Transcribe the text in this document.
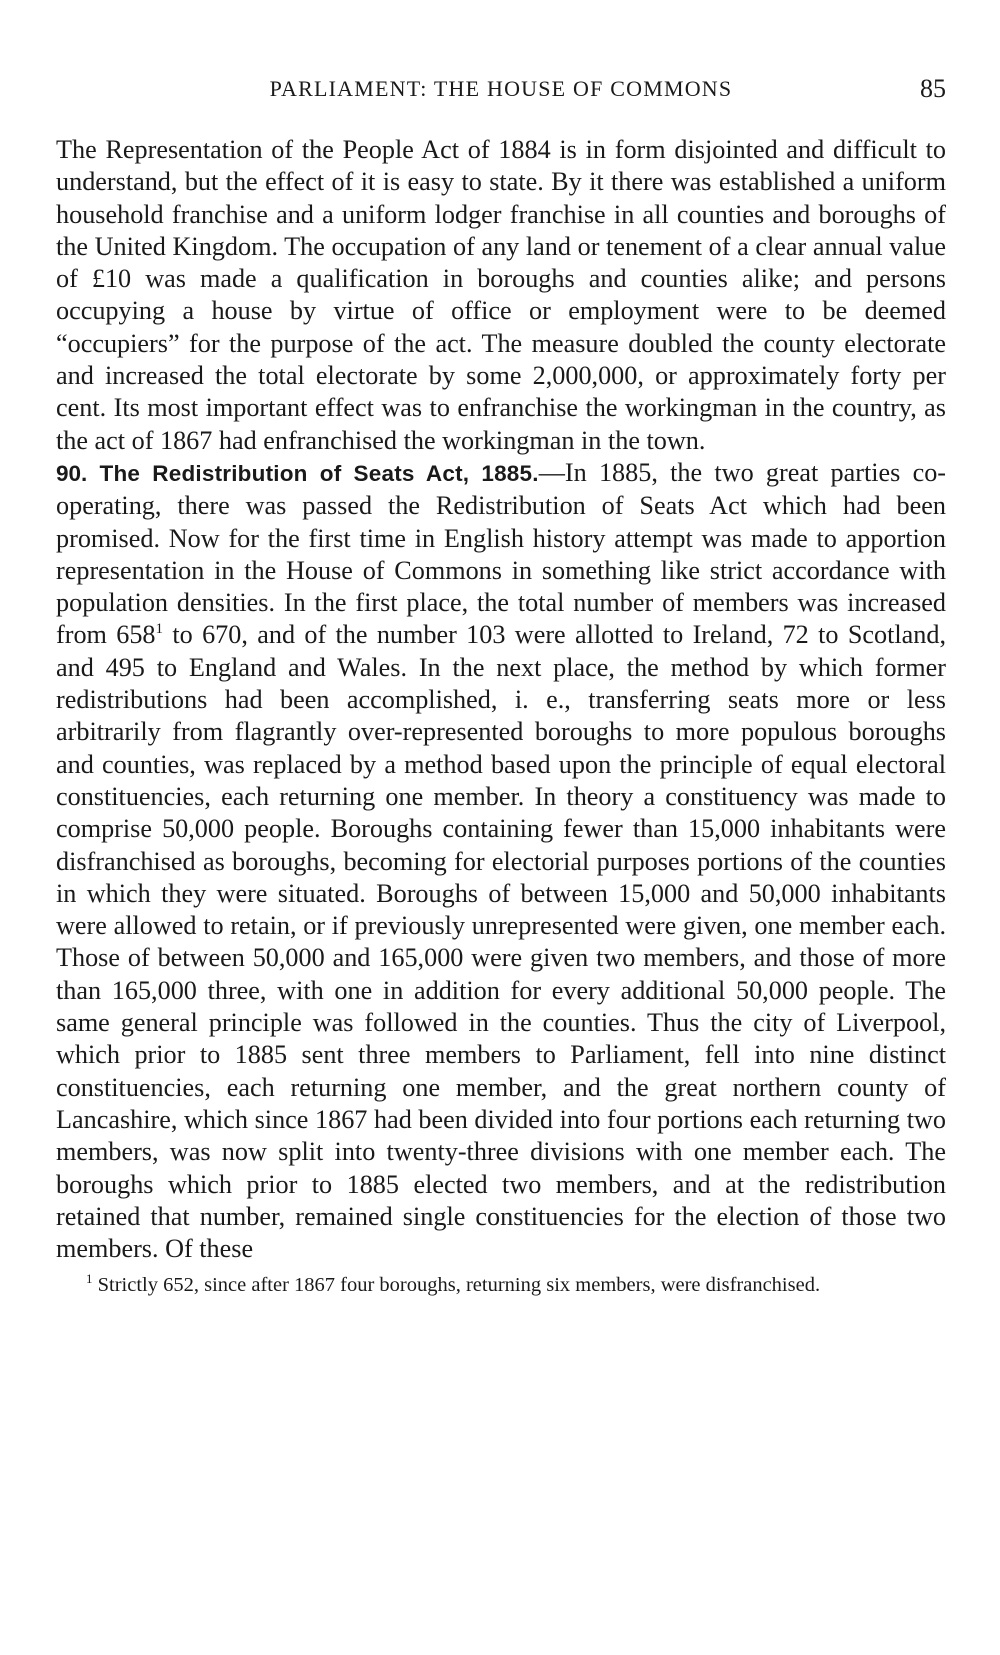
PARLIAMENT: THE HOUSE OF COMMONS	85

The Representation of the People Act of 1884 is in form disjointed and difficult to understand, but the effect of it is easy to state. By it there was established a uniform household franchise and a uniform lodger franchise in all counties and boroughs of the United Kingdom. The occupation of any land or tenement of a clear annual value of £10 was made a qualification in boroughs and counties alike; and persons occupying a house by virtue of office or employment were to be deemed “occupiers” for the purpose of the act. The measure doubled the county electorate and increased the total electorate by some 2,000,000, or approximately forty per cent. Its most important effect was to enfranchise the workingman in the country, as the act of 1867 had enfranchised the workingman in the town.

90. The Redistribution of Seats Act, 1885.—In 1885, the two great parties co-operating, there was passed the Redistribution of Seats Act which had been promised. Now for the first time in English history attempt was made to apportion representation in the House of Commons in something like strict accordance with population densities. In the first place, the total number of members was increased from 658$^1$ to 670, and of the number 103 were allotted to Ireland, 72 to Scotland, and 495 to England and Wales. In the next place, the method by which former redistributions had been accomplished, i. e., transferring seats more or less arbitrarily from flagrantly over-represented boroughs to more populous boroughs and counties, was replaced by a method based upon the principle of equal electoral constituencies, each returning one member. In theory a constituency was made to comprise 50,000 people. Boroughs containing fewer than 15,000 inhabitants were disfranchised as boroughs, becoming for electorial purposes portions of the counties in which they were situated. Boroughs of between 15,000 and 50,000 inhabitants were allowed to retain, or if previously unrepresented were given, one member each. Those of between 50,000 and 165,000 were given two members, and those of more than 165,000 three, with one in addition for every additional 50,000 people. The same general principle was followed in the counties. Thus the city of Liverpool, which prior to 1885 sent three members to Parliament, fell into nine distinct constituencies, each returning one member, and the great northern county of Lancashire, which since 1867 had been divided into four portions each returning two members, was now split into twenty-three divisions with one member each. The boroughs which prior to 1885 elected two members, and at the redistribution retained that number, remained single constituencies for the election of those two members. Of these

$^1$ Strictly 652, since after 1867 four boroughs, returning six members, were disfranchised.
